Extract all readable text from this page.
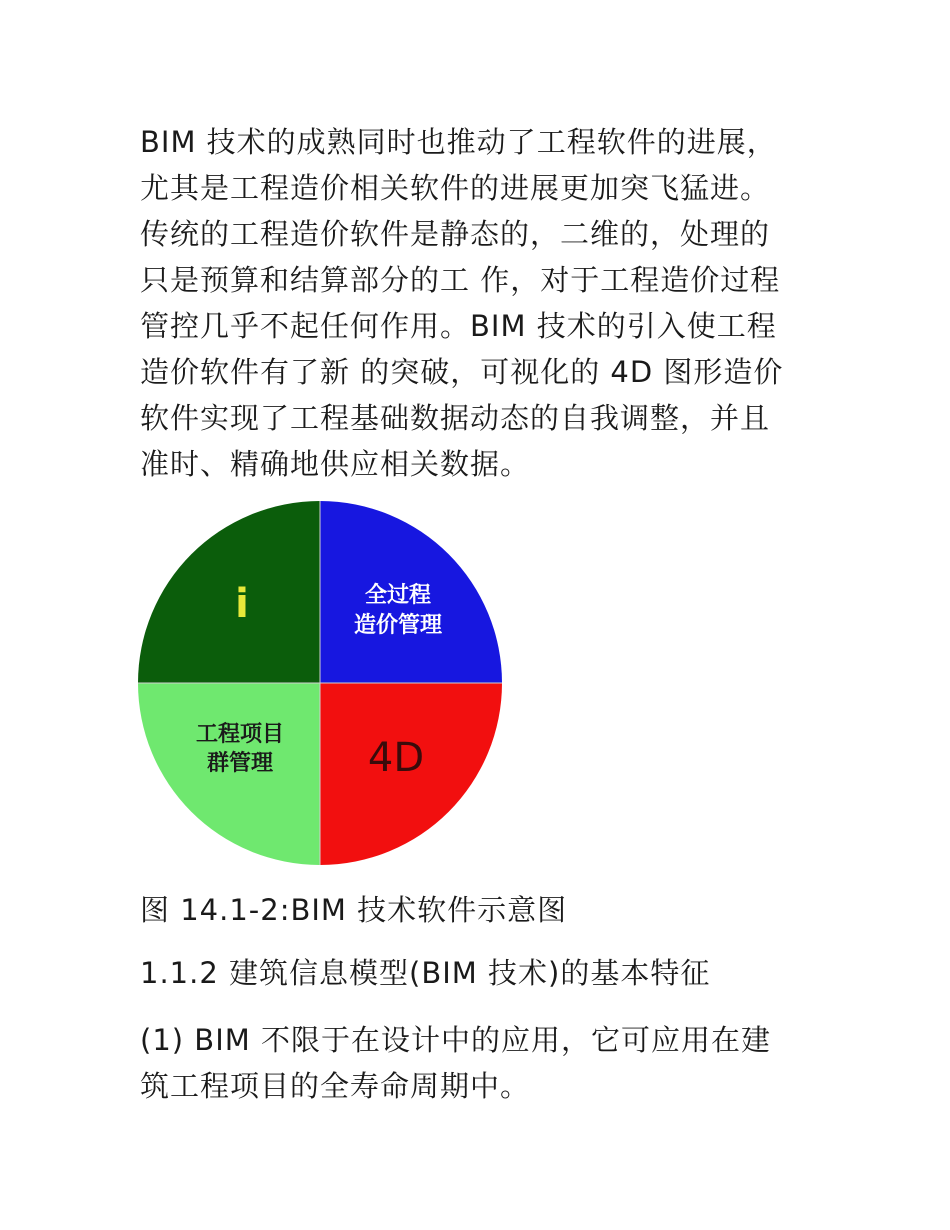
BIM 技术的成熟同时也推动了工程软件的进展，
尤其是工程造价相关软件的进展更加突飞猛进。
传统的工程造价软件是静态的，二维的，处理的
只是预算和结算部分的工 作，对于工程造价过程
管控几乎不起任何作用。BIM 技术的引入使工程
造价软件有了新 的突破，可视化的 4D 图形造价
软件实现了工程基础数据动态的自我调整，并且
准时、精确地供应相关数据。
i	全过程
造价管理
4D
工程项目
群管理

图 14.1-2:BIM 技术软件示意图

1.1.2 建筑信息模型(BIM 技术)的基本特征

(1) BIM 不限于在设计中的应用，它可应用在建
筑工程项目的全寿命周期中。
